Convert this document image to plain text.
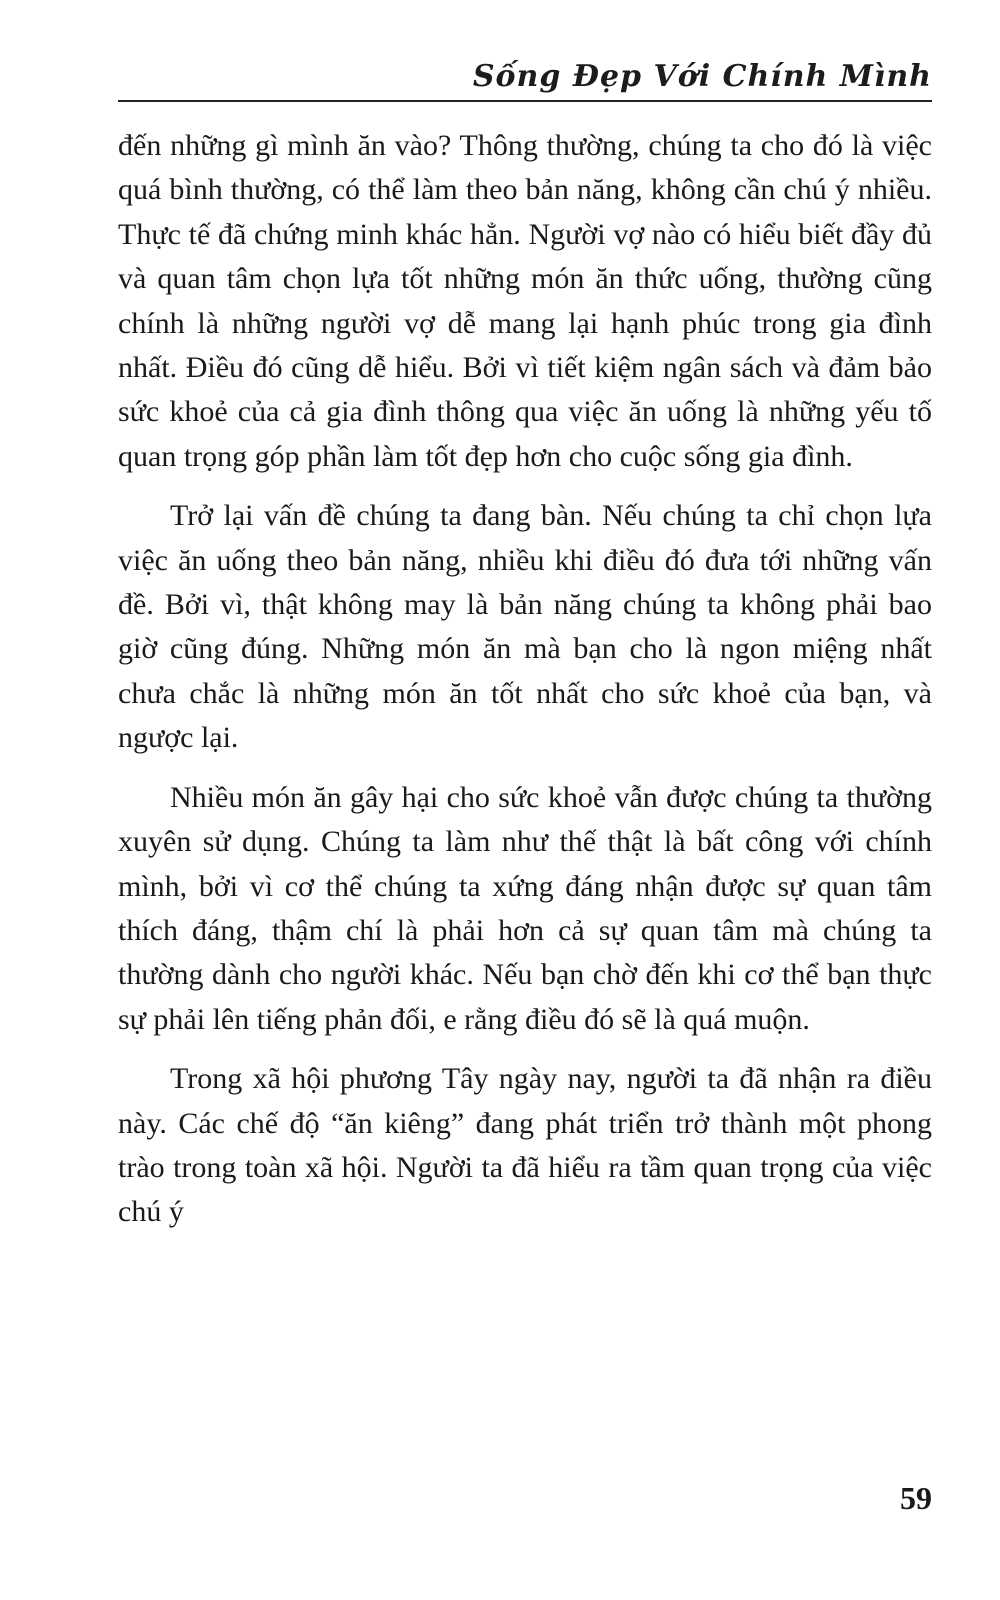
Sống Đẹp Với Chính Mình

đến những gì mình ăn vào? Thông thường, chúng ta cho đó là việc quá bình thường, có thể làm theo bản năng, không cần chú ý nhiều. Thực tế đã chứng minh khác hẳn. Người vợ nào có hiểu biết đầy đủ và quan tâm chọn lựa tốt những món ăn thức uống, thường cũng chính là những người vợ dễ mang lại hạnh phúc trong gia đình nhất. Điều đó cũng dễ hiểu. Bởi vì tiết kiệm ngân sách và đảm bảo sức khoẻ của cả gia đình thông qua việc ăn uống là những yếu tố quan trọng góp phần làm tốt đẹp hơn cho cuộc sống gia đình.

Trở lại vấn đề chúng ta đang bàn. Nếu chúng ta chỉ chọn lựa việc ăn uống theo bản năng, nhiều khi điều đó đưa tới những vấn đề. Bởi vì, thật không may là bản năng chúng ta không phải bao giờ cũng đúng. Những món ăn mà bạn cho là ngon miệng nhất chưa chắc là những món ăn tốt nhất cho sức khoẻ của bạn, và ngược lại.

Nhiều món ăn gây hại cho sức khoẻ vẫn được chúng ta thường xuyên sử dụng. Chúng ta làm như thế thật là bất công với chính mình, bởi vì cơ thể chúng ta xứng đáng nhận được sự quan tâm thích đáng, thậm chí là phải hơn cả sự quan tâm mà chúng ta thường dành cho người khác. Nếu bạn chờ đến khi cơ thể bạn thực sự phải lên tiếng phản đối, e rằng điều đó sẽ là quá muộn.

Trong xã hội phương Tây ngày nay, người ta đã nhận ra điều này. Các chế độ “ăn kiêng” đang phát triển trở thành một phong trào trong toàn xã hội. Người ta đã hiểu ra tầm quan trọng của việc chú ý

59
